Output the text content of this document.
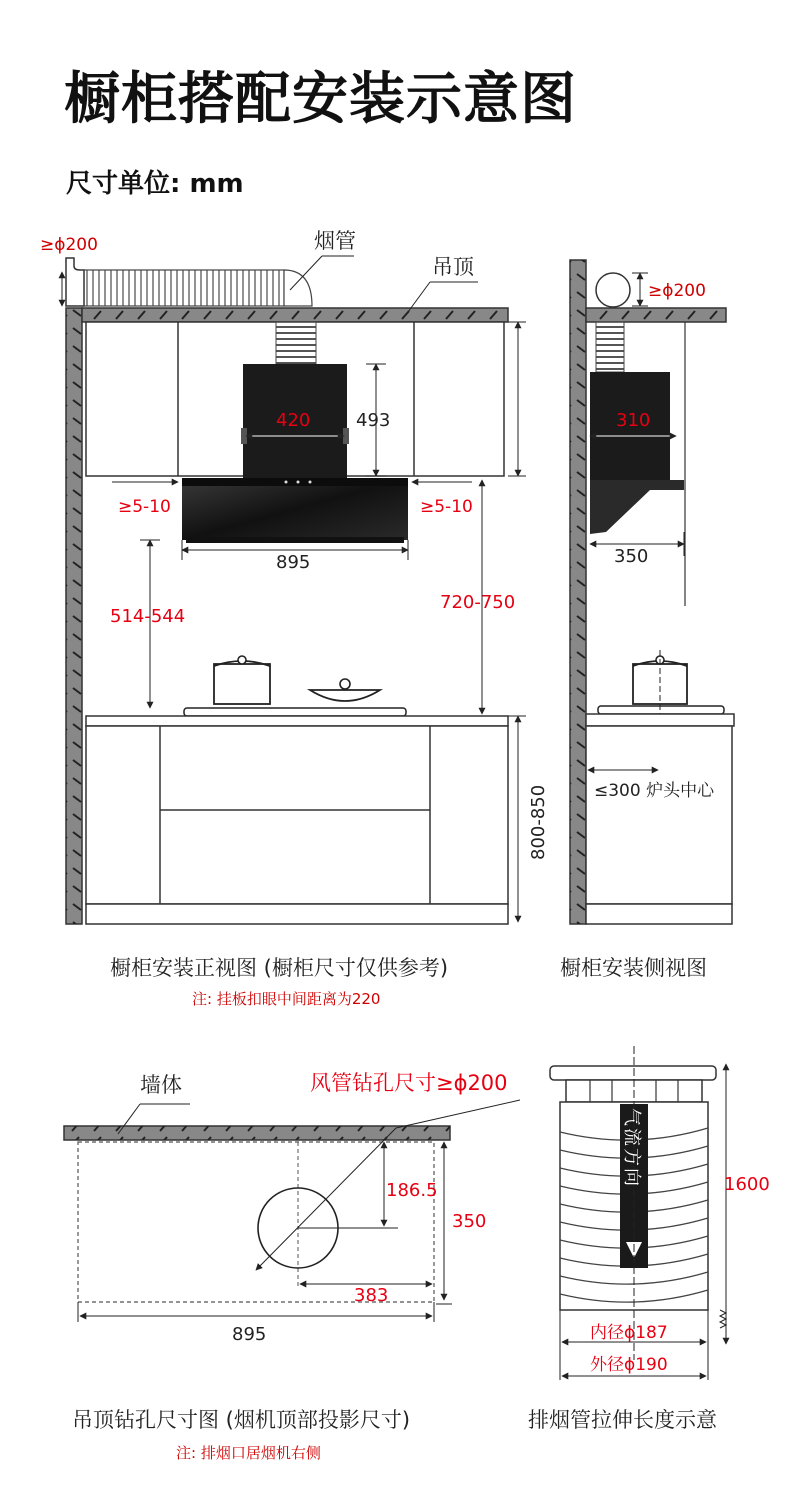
橱柜搭配安装示意图
尺寸单位: mm
≥ϕ200	烟管
吊顶
420	493
≥5-10	≥5-10
895
514-544
720-750
800-850
≥ϕ200
310
350
≤300 炉头中心
墙体	风管钻孔尺寸≥ϕ200
186.5
350
383
895
气流方向	1600
内径ϕ187
外径ϕ190
橱柜安装正视图 (橱柜尺寸仅供参考)
注: 挂板扣眼中间距离为220
橱柜安装侧视图
吊顶钻孔尺寸图 (烟机顶部投影尺寸)
注: 排烟口居烟机右侧
排烟管拉伸长度示意
